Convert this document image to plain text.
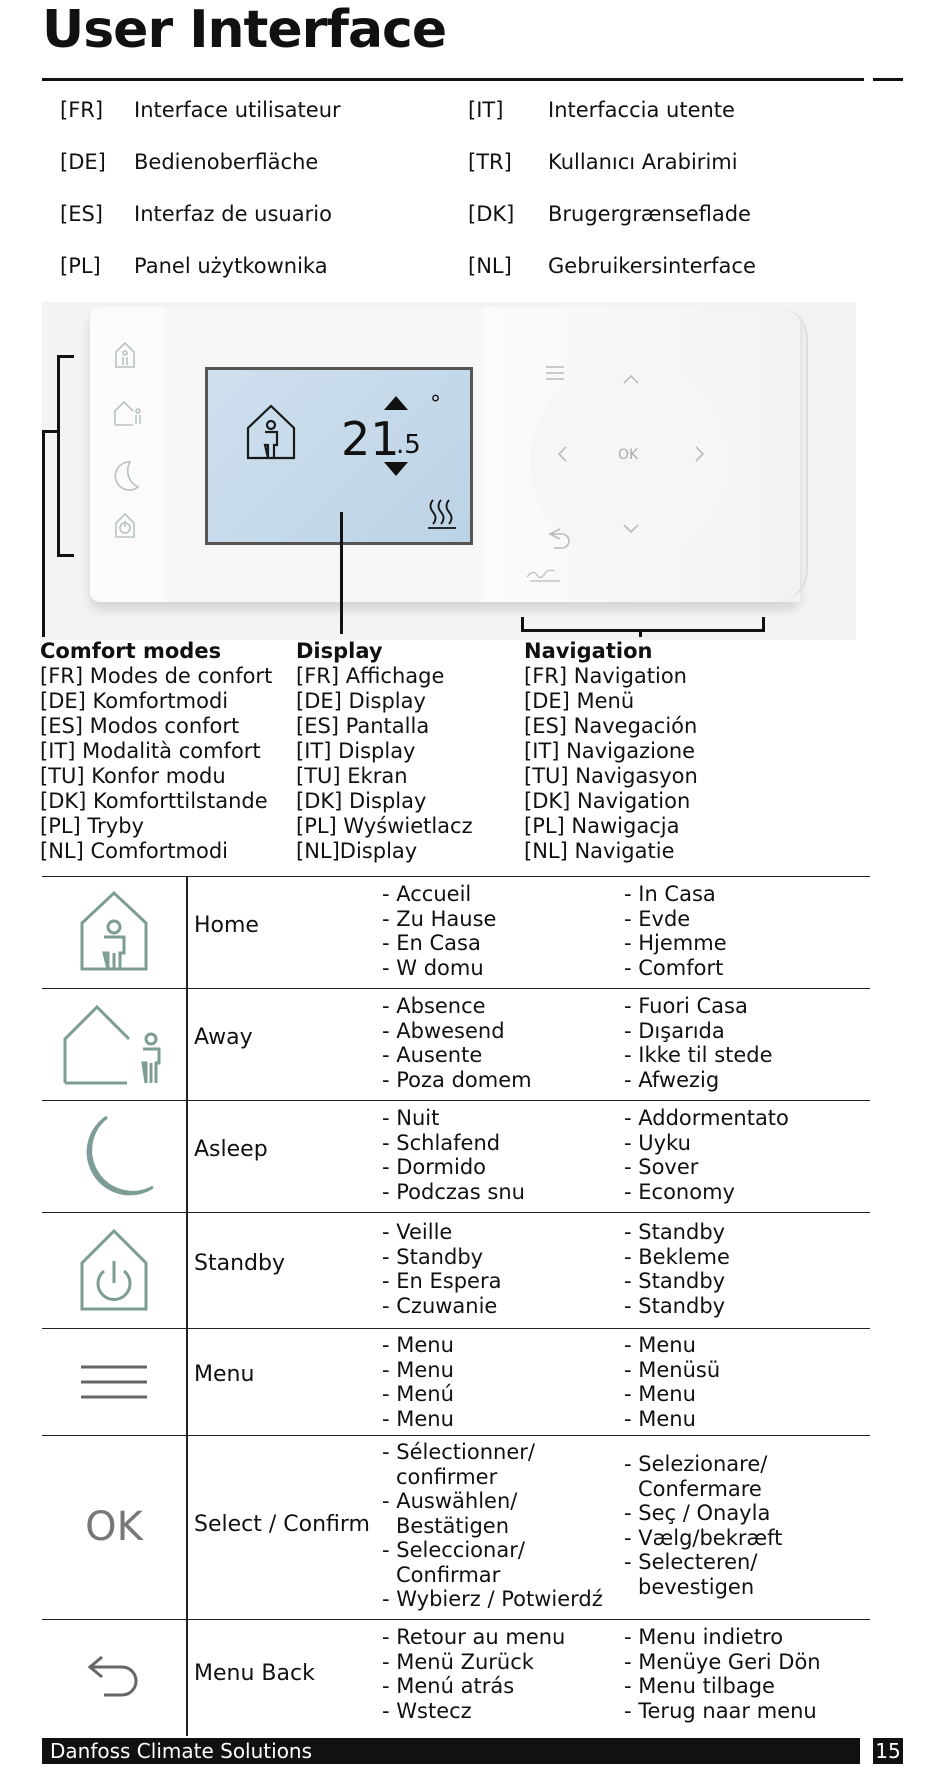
User Interface
[FR] Interface utilisateur
[DE] Bedienoberfläche
[ES] Interfaz de usuario
[PL] Panel użytkownika
[IT] Interfaccia utente
[TR] Kullanıcı Arabirimi
[DK] Brugergrænseflade
[NL] Gebruikersinterface
21
.5
°
OK
Comfort modes
[FR] Modes de confort
[DE] Komfortmodi
[ES] Modos confort
[IT] Modalità comfort
[TU] Konfor modu
[DK] Komforttilstande
[PL] Tryby
[NL] Comfortmodi
Display
[FR] Affichage
[DE] Display
[ES] Pantalla
[IT] Display
[TU] Ekran
[DK] Display
[PL] Wyświetlacz
[NL]Display
Navigation
[FR] Navigation
[DE] Menü
[ES] Navegación
[IT] Navigazione
[TU] Navigasyon
[DK] Navigation
[PL] Nawigacja
[NL] Navigatie
Home
- Accueil
- Zu Hause
- En Casa
- W domu
- In Casa
- Evde
- Hjemme
- Comfort
Away
- Absence
- Abwesend
- Ausente
- Poza domem
- Fuori Casa
- Dışarıda
- Ikke til stede
- Afwezig
Asleep
- Nuit
- Schlafend
- Dormido
- Podczas snu
- Addormentato
- Uyku
- Sover
- Economy
Standby
- Veille
- Standby
- En Espera
- Czuwanie
- Standby
- Bekleme
- Standby
- Standby
Menu
- Menu
- Menu
- Menú
- Menu
- Menu
- Menüsü
- Menu
- Menu
OK Select / Confirm
- Sélectionner/ confirmer
- Auswählen/ Bestätigen
- Seleccionar/ Confirmar
- Wybierz / Potwierdź
- Selezionare/ Confermare
- Seç / Onayla
- Vælg/bekræft
- Selecteren/ bevestigen
Menu Back
- Retour au menu
- Menü Zurück
- Menú atrás
- Wstecz
- Menu indietro
- Menüye Geri Dön
- Menu tilbage
- Terug naar menu
Danfoss Climate Solutions	15
